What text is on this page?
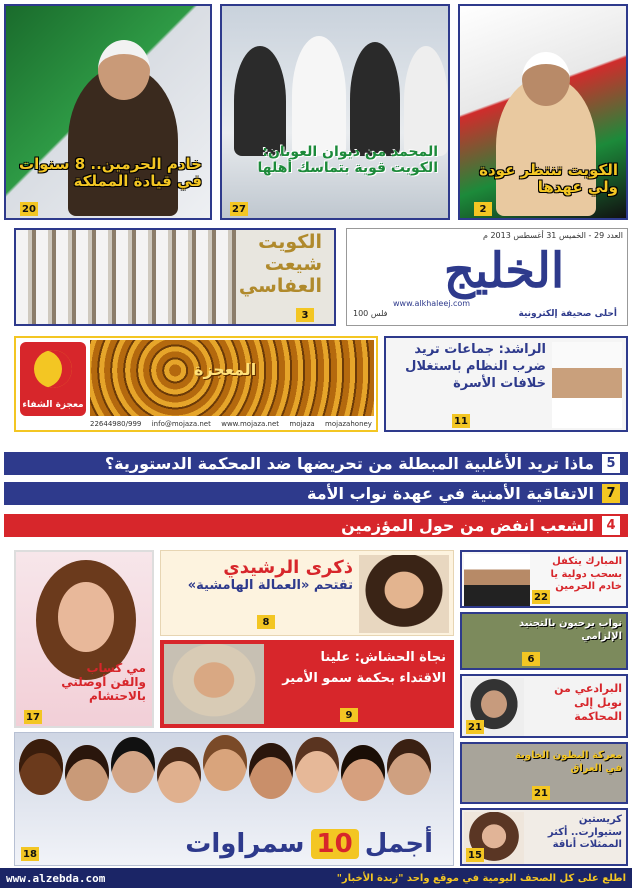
خادم الحرمين.. 8 سنوات
في قيادة المملكة
20
المحمد من ديوان العوبان:
الكويت قوية بتماسك أهلها
27
الكويت تنتظر عودة
ولي عهدها
2
الكويت
شيعت
العفاسي
3
العدد 29 - الخميس 31 أغسطس 2013 م
الخليج
www.alkhaleej.com
أحلى صحيفة إلكترونية
100 فلس
المعجزة
معجزة الشفاء
22644980/999 info@mojaza.net www.mojaza.net mojaza mojazahoney
الراشد: جماعات تريد
ضرب النظام باستغلال
خلافات الأسرة
11
5
ماذا تريد الأغلبية المبطلة من تحريضها ضد المحكمة الدستورية؟
7
الاتفاقية الأمنية في عهدة نواب الأمة
4
الشعب انفض من حول المؤزمين
مي كساب
والفن أوصلني
بالاحتشام
17
ذكرى الرشيدي
تقتحم «العمالة الهامشية»
8
نجاة الحشاش: علينا
الاقتداء بحكمة سمو الأمير
9
المبارك يتكفل بسحب دولية يا خادم الحرمين
22
نواب يرحبون بالتجنيد الإلزامي
6
البرادعي من نوبل إلى المحاكمة
21
معركة البطون الخاوية في العراق
21
كريستين ستيوارت.. أكثر الممثلات أناقة
15
أجمل
10
سمراوات
18
www.alzebda.com	اطلع على كل الصحف اليومية في موقع واحد "زبدة الأخبار"
